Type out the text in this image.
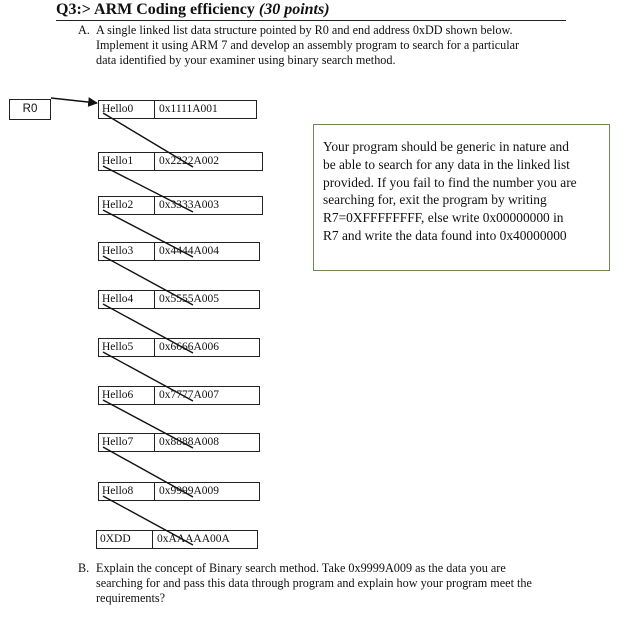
Q3:> ARM Coding efficiency (30 points)
A. A single linked list data structure pointed by R0 and end address 0xDD shown below.
Implement it using ARM 7 and develop an assembly program to search for a particular
data identified by your examiner using binary search method.
R0	Hello0	0x1111A001
Hello1	0x2222A002
Hello2	0x3333A003
Hello3	0x4444A004
Hello4	0x5555A005
Hello5	0x6666A006
Hello6	0x7777A007
Hello7	0x8888A008
Hello8	0x9999A009
0XDD	0xAAAAA00A
Your program should be generic in nature and
be able to search for any data in the linked list
provided. If you fail to find the number you are
searching for, exit the program by writing
R7=0XFFFFFFFF, else write 0x00000000 in
R7 and write the data found into 0x40000000
B. Explain the concept of Binary search method. Take 0x9999A009 as the data you are
searching for and pass this data through program and explain how your program meet the
requirements?
